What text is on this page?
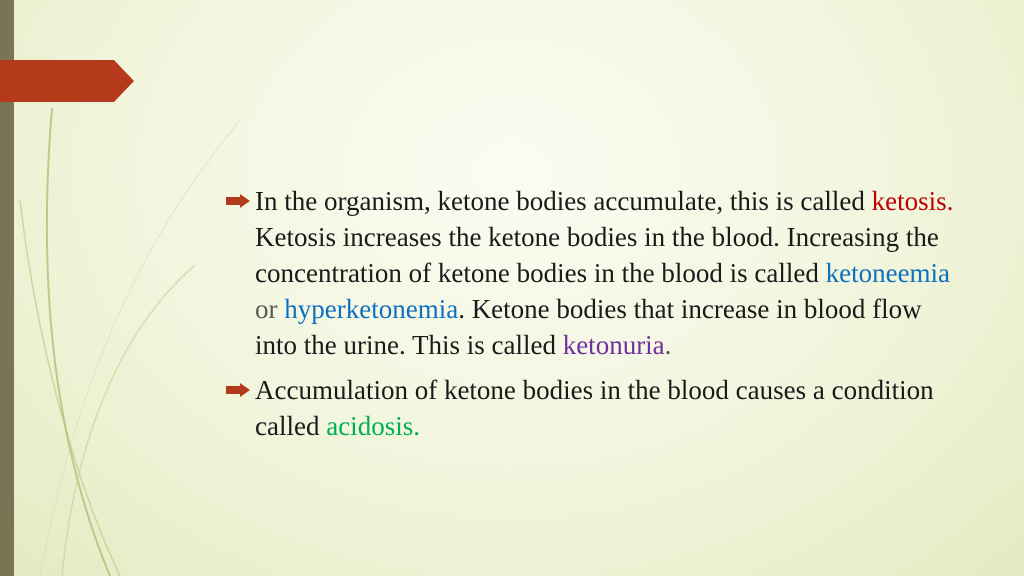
In the organism, ketone bodies accumulate, this is called ketosis. Ketosis increases the ketone bodies in the blood. Increasing the concentration of ketone bodies in the blood is called ketoneemia or hyperketonemia. Ketone bodies that increase in blood flow into the urine. This is called ketonuria.
Accumulation of ketone bodies in the blood causes a condition called acidosis.
